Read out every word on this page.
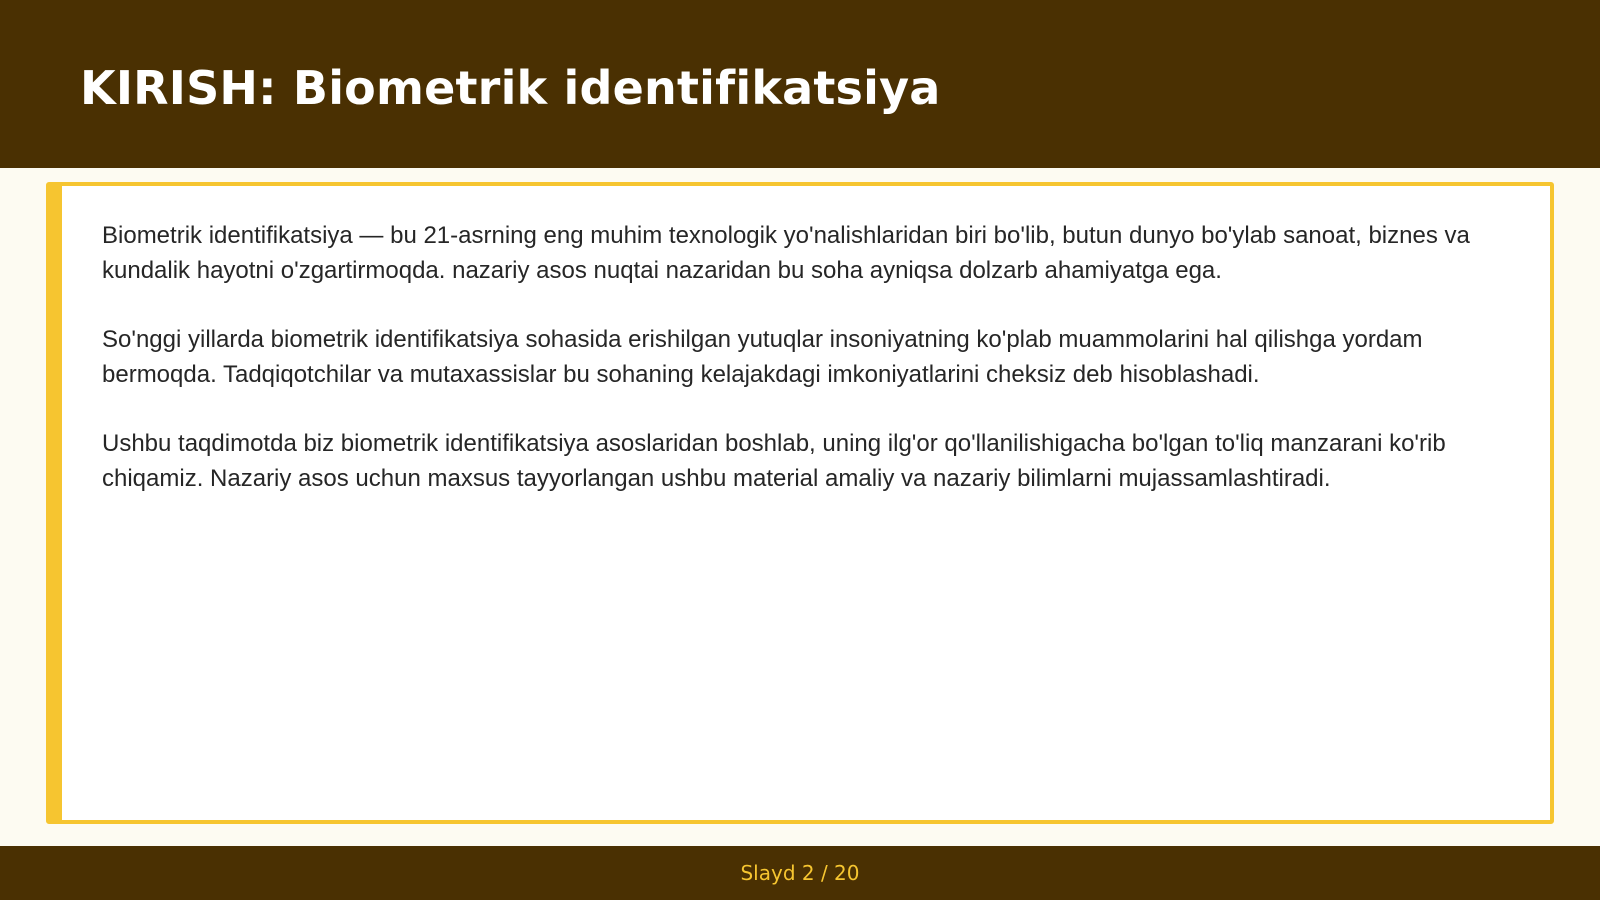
KIRISH: Biometrik identifikatsiya

Biometrik identifikatsiya — bu 21-asrning eng muhim texnologik yo'nalishlaridan biri bo'lib, butun dunyo bo'ylab sanoat, biznes va kundalik hayotni o'zgartirmoqda. nazariy asos nuqtai nazaridan bu soha ayniqsa dolzarb ahamiyatga ega.

So'nggi yillarda biometrik identifikatsiya sohasida erishilgan yutuqlar insoniyatning ko'plab muammolarini hal qilishga yordam bermoqda. Tadqiqotchilar va mutaxassislar bu sohaning kelajakdagi imkoniyatlarini cheksiz deb hisoblashadi.

Ushbu taqdimotda biz biometrik identifikatsiya asoslaridan boshlab, uning ilg'or qo'llanilishigacha bo'lgan to'liq manzarani ko'rib chiqamiz. Nazariy asos uchun maxsus tayyorlangan ushbu material amaliy va nazariy bilimlarni mujassamlashtiradi.

Slayd 2 / 20
